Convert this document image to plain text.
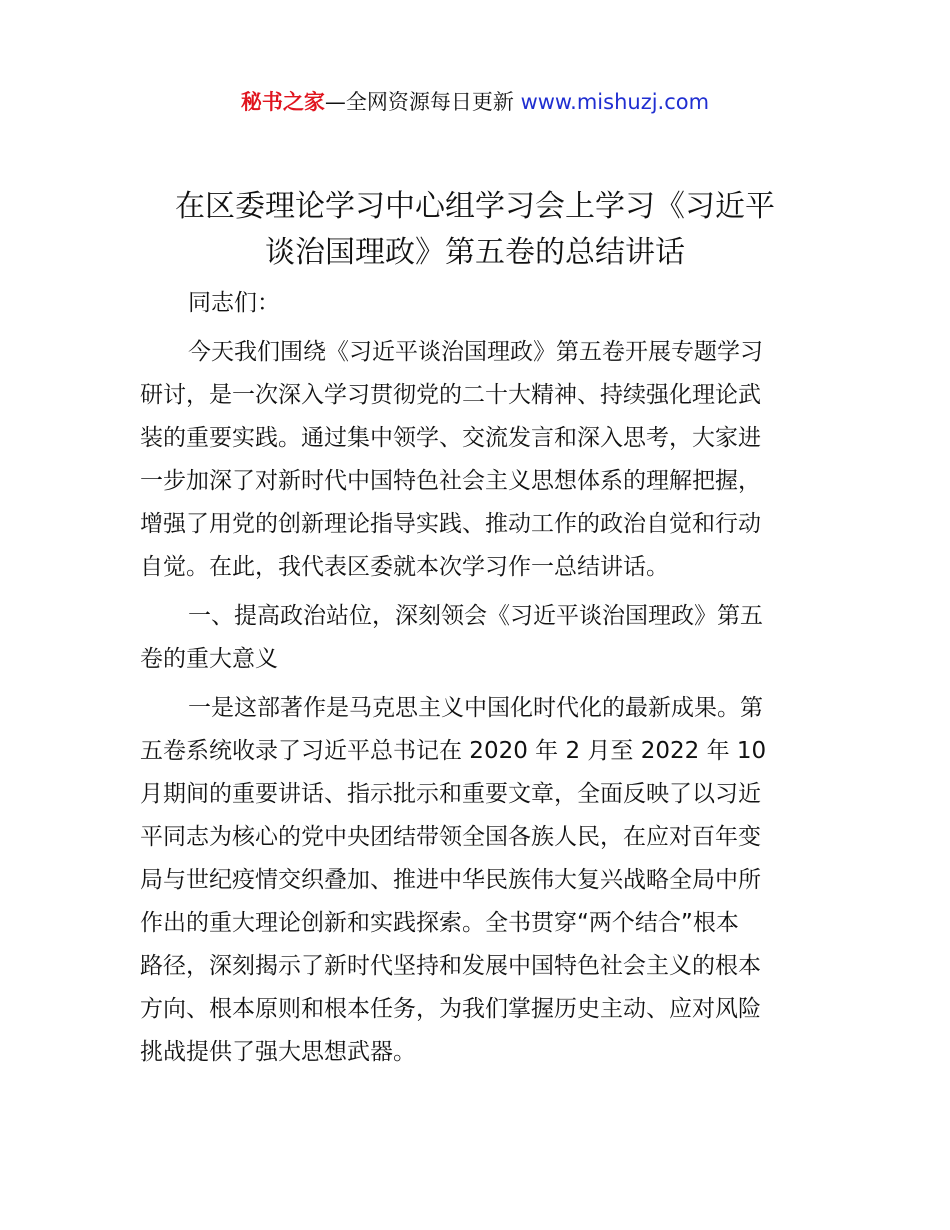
秘书之家—全网资源每日更新 www.mishuzj.com
在区委理论学习中心组学习会上学习《习近平
谈治国理政》第五卷的总结讲话

同志们：

今天我们围绕《习近平谈治国理政》第五卷开展专题学习
研讨，是一次深入学习贯彻党的二十大精神、持续强化理论武
装的重要实践。通过集中领学、交流发言和深入思考，大家进
一步加深了对新时代中国特色社会主义思想体系的理解把握，
增强了用党的创新理论指导实践、推动工作的政治自觉和行动
自觉。在此，我代表区委就本次学习作一总结讲话。

一、提高政治站位，深刻领会《习近平谈治国理政》第五
卷的重大意义

一是这部著作是马克思主义中国化时代化的最新成果。第
五卷系统收录了习近平总书记在 2020 年 2 月至 2022 年 10
月期间的重要讲话、指示批示和重要文章，全面反映了以习近
平同志为核心的党中央团结带领全国各族人民，在应对百年变
局与世纪疫情交织叠加、推进中华民族伟大复兴战略全局中所
作出的重大理论创新和实践探索。全书贯穿“两个结合”根本
路径，深刻揭示了新时代坚持和发展中国特色社会主义的根本
方向、根本原则和根本任务，为我们掌握历史主动、应对风险
挑战提供了强大思想武器。
